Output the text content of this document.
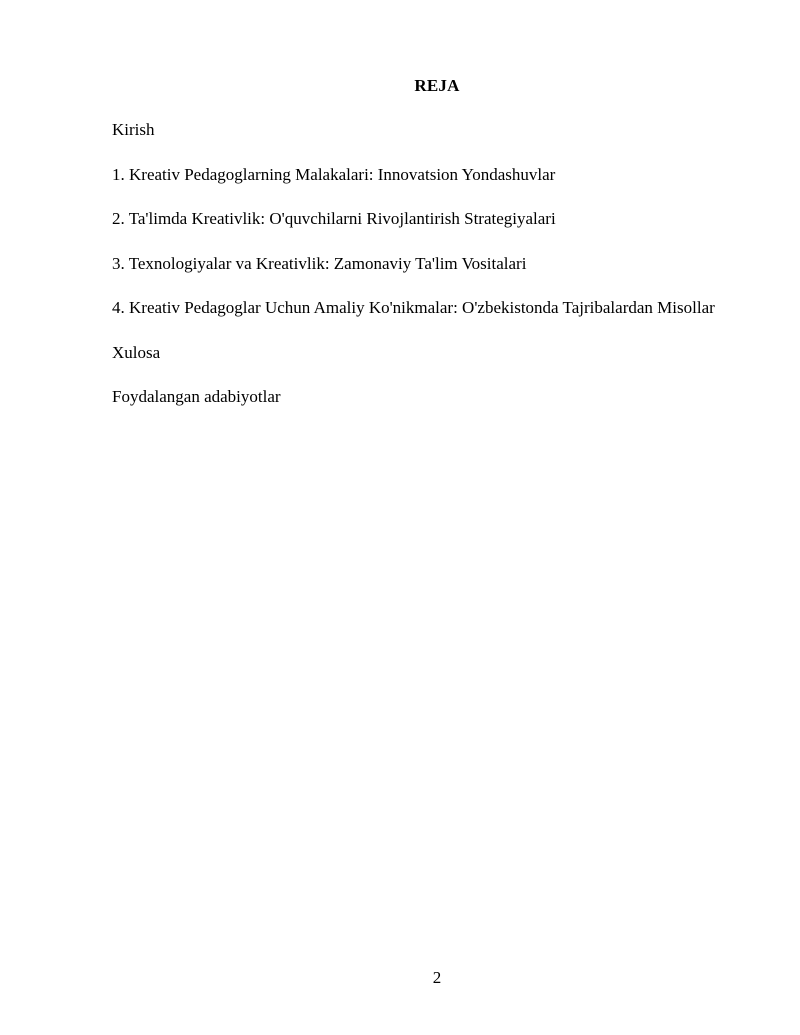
REJA
Kirish
1. Kreativ Pedagoglarning Malakalari: Innovatsion Yondashuvlar
2. Ta'limda Kreativlik: O'quvchilarni Rivojlantirish Strategiyalari
3. Texnologiyalar va Kreativlik: Zamonaviy Ta'lim Vositalari
4. Kreativ Pedagoglar Uchun Amaliy Ko'nikmalar: O'zbekistonda Tajribalardan Misollar
Xulosa
Foydalangan adabiyotlar
2
